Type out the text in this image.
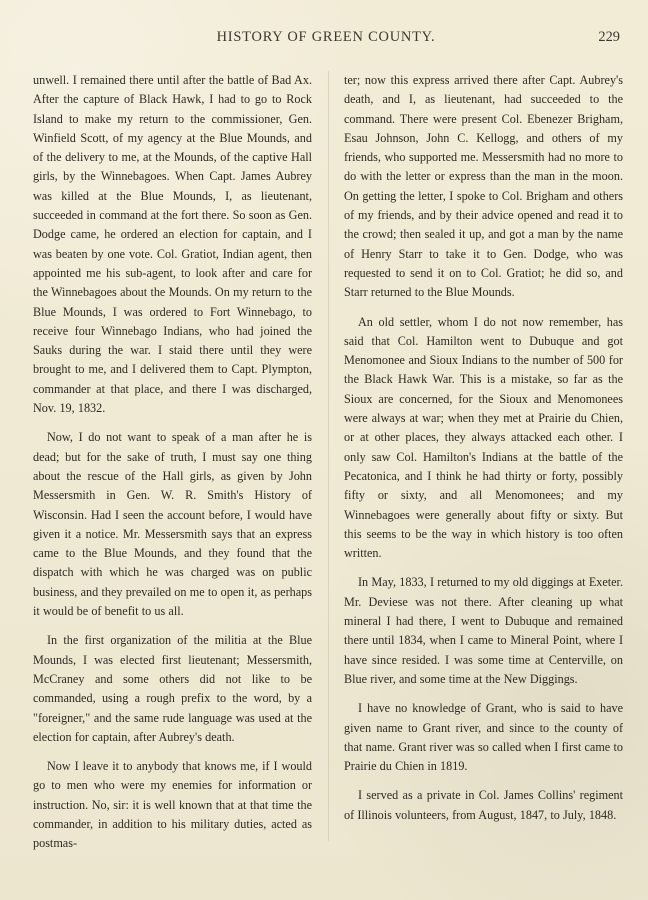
HISTORY OF GREEN COUNTY.	229

unwell. I remained there until after the battle of Bad Ax. After the capture of Black Hawk, I had to go to Rock Island to make my return to the commissioner, Gen. Winfield Scott, of my agency at the Blue Mounds, and of the delivery to me, at the Mounds, of the captive Hall girls, by the Winnebagoes. When Capt. James Aubrey was killed at the Blue Mounds, I, as lieutenant, succeeded in command at the fort there. So soon as Gen. Dodge came, he ordered an election for captain, and I was beaten by one vote. Col. Gratiot, Indian agent, then appointed me his sub-agent, to look after and care for the Winnebagoes about the Mounds. On my return to the Blue Mounds, I was ordered to Fort Winnebago, to receive four Winnebago Indians, who had joined the Sauks during the war. I staid there until they were brought to me, and I delivered them to Capt. Plympton, commander at that place, and there I was discharged, Nov. 19, 1832.

Now, I do not want to speak of a man after he is dead; but for the sake of truth, I must say one thing about the rescue of the Hall girls, as given by John Messersmith in Gen. W. R. Smith's History of Wisconsin. Had I seen the account before, I would have given it a notice. Mr. Messersmith says that an express came to the Blue Mounds, and they found that the dispatch with which he was charged was on public business, and they prevailed on me to open it, as perhaps it would be of benefit to us all.

In the first organization of the militia at the Blue Mounds, I was elected first lieutenant; Messersmith, McCraney and some others did not like to be commanded, using a rough prefix to the word, by a "foreigner," and the same rude language was used at the election for captain, after Aubrey's death.

Now I leave it to anybody that knows me, if I would go to men who were my enemies for information or instruction. No, sir: it is well known that at that time the commander, in addition to his military duties, acted as postmas-

ter; now this express arrived there after Capt. Aubrey's death, and I, as lieutenant, had succeeded to the command. There were present Col. Ebenezer Brigham, Esau Johnson, John C. Kellogg, and others of my friends, who supported me. Messersmith had no more to do with the letter or express than the man in the moon. On getting the letter, I spoke to Col. Brigham and others of my friends, and by their advice opened and read it to the crowd; then sealed it up, and got a man by the name of Henry Starr to take it to Gen. Dodge, who was requested to send it on to Col. Gratiot; he did so, and Starr returned to the Blue Mounds.

An old settler, whom I do not now remember, has said that Col. Hamilton went to Dubuque and got Menomonee and Sioux Indians to the number of 500 for the Black Hawk War. This is a mistake, so far as the Sioux are concerned, for the Sioux and Menomonees were always at war; when they met at Prairie du Chien, or at other places, they always attacked each other. I only saw Col. Hamilton's Indians at the battle of the Pecatonica, and I think he had thirty or forty, possibly fifty or sixty, and all Menomonees; and my Winnebagoes were generally about fifty or sixty. But this seems to be the way in which history is too often written.

In May, 1833, I returned to my old diggings at Exeter. Mr. Deviese was not there. After cleaning up what mineral I had there, I went to Dubuque and remained there until 1834, when I came to Mineral Point, where I have since resided. I was some time at Centerville, on Blue river, and some time at the New Diggings.

I have no knowledge of Grant, who is said to have given name to Grant river, and since to the county of that name. Grant river was so called when I first came to Prairie du Chien in 1819.

I served as a private in Col. James Collins' regiment of Illinois volunteers, from August, 1847, to July, 1848.
